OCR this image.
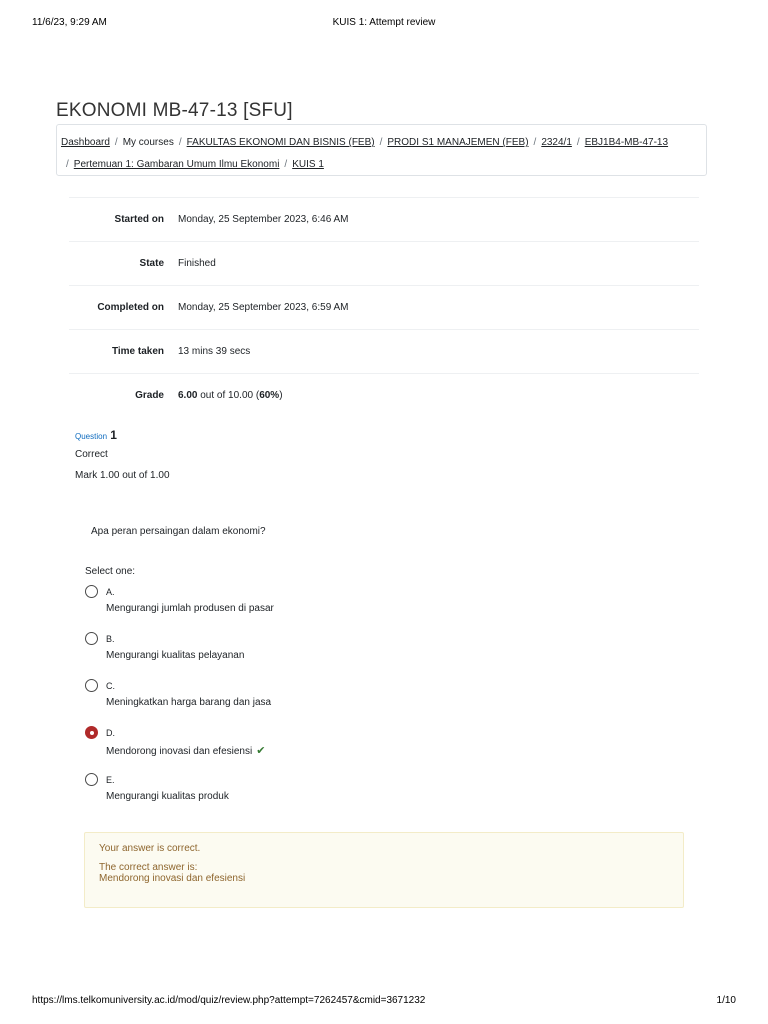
11/6/23, 9:29 AM	KUIS 1: Attempt review
EKONOMI MB-47-13 [SFU]
Dashboard / My courses / FAKULTAS EKONOMI DAN BISNIS (FEB) / PRODI S1 MANAJEMEN (FEB) / 2324/1 / EBJ1B4-MB-47-13
/ Pertemuan 1: Gambaran Umum Ilmu Ekonomi / KUIS 1
Started on Monday, 25 September 2023, 6:46 AM
State Finished
Completed on Monday, 25 September 2023, 6:59 AM
Time taken 13 mins 39 secs
Grade 6.00 out of 10.00 (60%)
Question 1
Correct
Mark 1.00 out of 1.00
Apa peran persaingan dalam ekonomi?
Select one:
A.
Mengurangi jumlah produsen di pasar
B.
Mengurangi kualitas pelayanan
C.
Meningkatkan harga barang dan jasa
D.
Mendorong inovasi dan efesiensi ✔
E.
Mengurangi kualitas produk
Your answer is correct.
The correct answer is:
Mendorong inovasi dan efesiensi
https://lms.telkomuniversity.ac.id/mod/quiz/review.php?attempt=7262457&cmid=3671232	1/10
